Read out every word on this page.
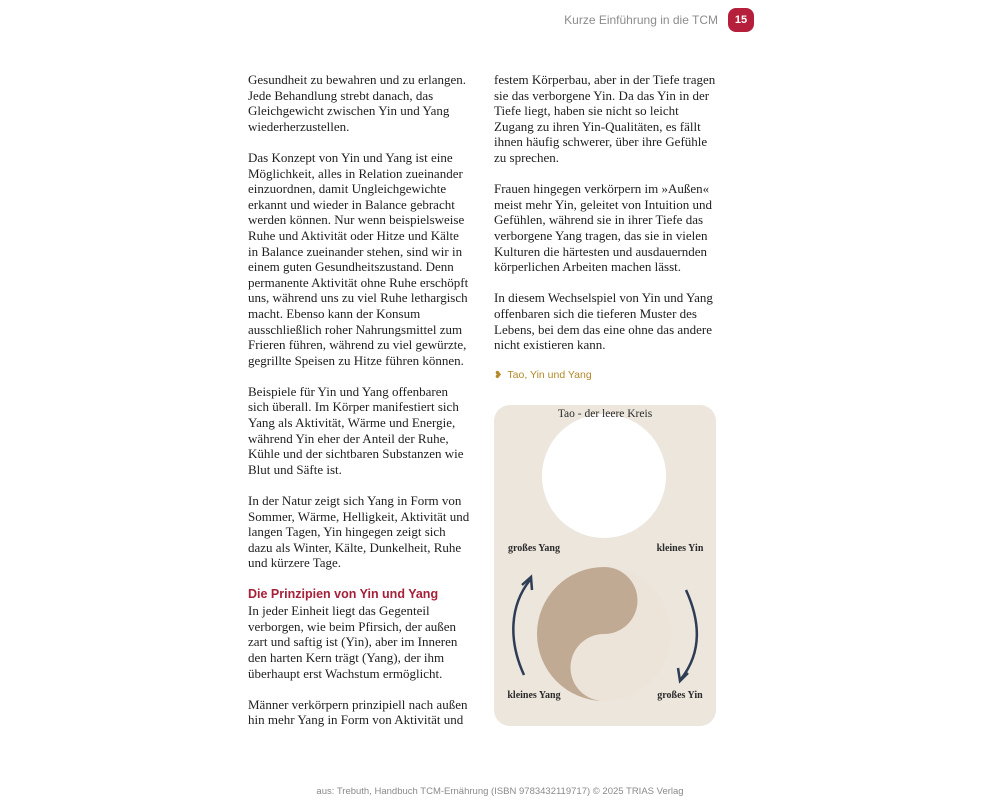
Kurze Einführung in die TCM	15

Gesundheit zu bewahren und zu erlangen. Jede Behandlung strebt danach, das Gleichgewicht zwischen Yin und Yang wiederherzustellen.

Das Konzept von Yin und Yang ist eine Möglichkeit, alles in Relation zueinander einzuordnen, damit Ungleichgewichte erkannt und wieder in Balance gebracht werden können. Nur wenn beispielsweise Ruhe und Aktivität oder Hitze und Kälte in Balance zueinander stehen, sind wir in einem guten Gesundheitszustand. Denn permanente Aktivität ohne Ruhe erschöpft uns, während uns zu viel Ruhe lethargisch macht. Ebenso kann der Konsum ausschließlich roher Nahrungsmittel zum Frieren führen, während zu viel gewürzte, gegrillte Speisen zu Hitze führen können.

Beispiele für Yin und Yang offenbaren sich überall. Im Körper manifestiert sich Yang als Aktivität, Wärme und Energie, während Yin eher der Anteil der Ruhe, Kühle und der sichtbaren Substanzen wie Blut und Säfte ist.

In der Natur zeigt sich Yang in Form von Sommer, Wärme, Helligkeit, Aktivität und langen Tagen, Yin hingegen zeigt sich dazu als Winter, Kälte, Dunkelheit, Ruhe und kürzere Tage.

Die Prinzipien von Yin und Yang

In jeder Einheit liegt das Gegenteil verborgen, wie beim Pfirsich, der außen zart und saftig ist (Yin), aber im Inneren den harten Kern trägt (Yang), der ihm überhaupt erst Wachstum ermöglicht.

Männer verkörpern prinzipiell nach außen hin mehr Yang in Form von Aktivität und

festem Körperbau, aber in der Tiefe tragen sie das verborgene Yin. Da das Yin in der Tiefe liegt, haben sie nicht so leicht Zugang zu ihren Yin-Qualitäten, es fällt ihnen häufig schwerer, über ihre Gefühle zu sprechen.

Frauen hingegen verkörpern im »Außen« meist mehr Yin, geleitet von Intuition und Gefühlen, während sie in ihrer Tiefe das verborgene Yang tragen, das sie in vielen Kulturen die härtesten und ausdauernden körperlichen Arbeiten machen lässt.

In diesem Wechselspiel von Yin und Yang offenbaren sich die tieferen Muster des Lebens, bei dem das eine ohne das andere nicht existieren kann.

❥ Tao, Yin und Yang
Tao - der leere Kreis
großes Yang	kleines Yin
kleines Yang	großes Yin
aus: Trebuth, Handbuch TCM-Ernährung (ISBN 9783432119717) © 2025 TRIAS Verlag
